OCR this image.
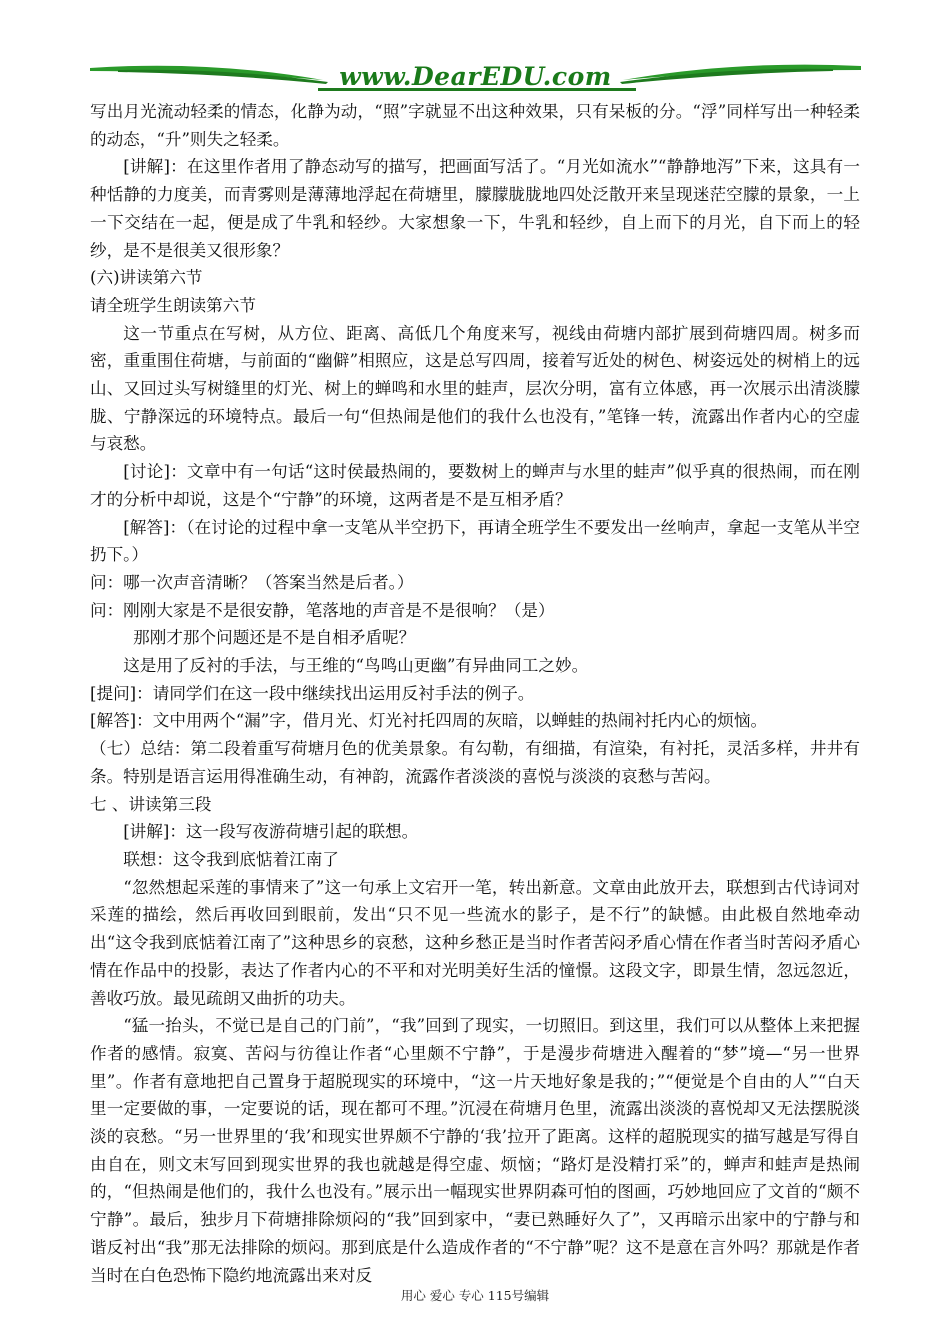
www.DearEDU.com

写出月光流动轻柔的情态，化静为动，“照”字就显不出这种效果，只有呆板的分。“浮”同样写出一种轻柔的动态，“升”则失之轻柔。

[讲解]：在这里作者用了静态动写的描写，把画面写活了。“月光如流水”“静静地泻”下来，这具有一种恬静的力度美，而青雾则是薄薄地浮起在荷塘里，朦朦胧胧地四处泛散开来呈现迷茫空朦的景象，一上一下交结在一起，便是成了牛乳和轻纱。大家想象一下，牛乳和轻纱，自上而下的月光，自下而上的轻纱，是不是很美又很形象？

(六)讲读第六节

请全班学生朗读第六节

这一节重点在写树，从方位、距离、高低几个角度来写，视线由荷塘内部扩展到荷塘四周。树多而密，重重围住荷塘，与前面的“幽僻”相照应，这是总写四周，接着写近处的树色、树姿远处的树梢上的远山、又回过头写树缝里的灯光、树上的蝉鸣和水里的蛙声，层次分明，富有立体感，再一次展示出清淡朦胧、宁静深远的环境特点。最后一句“但热闹是他们的我什么也没有，”笔锋一转，流露出作者内心的空虚与哀愁。

[讨论]：文章中有一句话“这时侯最热闹的，要数树上的蝉声与水里的蛙声”似乎真的很热闹，而在刚才的分析中却说，这是个“宁静”的环境，这两者是不是互相矛盾？

[解答]：（在讨论的过程中拿一支笔从半空扔下，再请全班学生不要发出一丝响声，拿起一支笔从半空扔下。）

问：哪一次声音清晰？（答案当然是后者。）

问：刚刚大家是不是很安静，笔落地的声音是不是很响？（是）

那刚才那个问题还是不是自相矛盾呢？

这是用了反衬的手法，与王维的“鸟鸣山更幽”有异曲同工之妙。

[提问]：请同学们在这一段中继续找出运用反衬手法的例子。

[解答]：文中用两个“漏”字，借月光、灯光衬托四周的灰暗，以蝉蛙的热闹衬托内心的烦恼。

（七）总结：第二段着重写荷塘月色的优美景象。有勾勒，有细描，有渲染，有衬托，灵活多样，井井有条。特别是语言运用得准确生动，有神韵，流露作者淡淡的喜悦与淡淡的哀愁与苦闷。

七 、讲读第三段

[讲解]：这一段写夜游荷塘引起的联想。

联想：这令我到底惦着江南了

“忽然想起采莲的事情来了”这一句承上文宕开一笔，转出新意。文章由此放开去，联想到古代诗词对采莲的描绘，然后再收回到眼前，发出“只不见一些流水的影子，是不行”的缺憾。由此极自然地牵动出“这令我到底惦着江南了”这种思乡的哀愁，这种乡愁正是当时作者苦闷矛盾心情在作者当时苦闷矛盾心情在作品中的投影，表达了作者内心的不平和对光明美好生活的憧憬。这段文字，即景生情，忽远忽近，善收巧放。最见疏朗又曲折的功夫。

“猛一抬头，不觉已是自己的门前”，“我”回到了现实，一切照旧。到这里，我们可以从整体上来把握作者的感情。寂寞、苦闷与彷徨让作者“心里颇不宁静”，于是漫步荷塘进入醒着的“梦”境—“另一世界里”。作者有意地把自己置身于超脱现实的环境中，“这一片天地好象是我的；”“便觉是个自由的人”“白天里一定要做的事，一定要说的话，现在都可不理。”沉浸在荷塘月色里，流露出淡淡的喜悦却又无法摆脱淡淡的哀愁。“另一世界里的‘我’和现实世界颇不宁静的‘我’拉开了距离。这样的超脱现实的描写越是写得自由自在，则文末写回到现实世界的我也就越是得空虚、烦恼；“路灯是没精打采”的，蝉声和蛙声是热闹的，“但热闹是他们的，我什么也没有。”展示出一幅现实世界阴森可怕的图画，巧妙地回应了文首的“颇不宁静”。最后，独步月下荷塘排除烦闷的“我”回到家中，“妻已熟睡好久了”，又再暗示出家中的宁静与和谐反衬出“我”那无法排除的烦闷。那到底是什么造成作者的“不宁静”呢？这不是意在言外吗？那就是作者当时在白色恐怖下隐约地流露出来对反

用心 爱心 专心 115号编辑
